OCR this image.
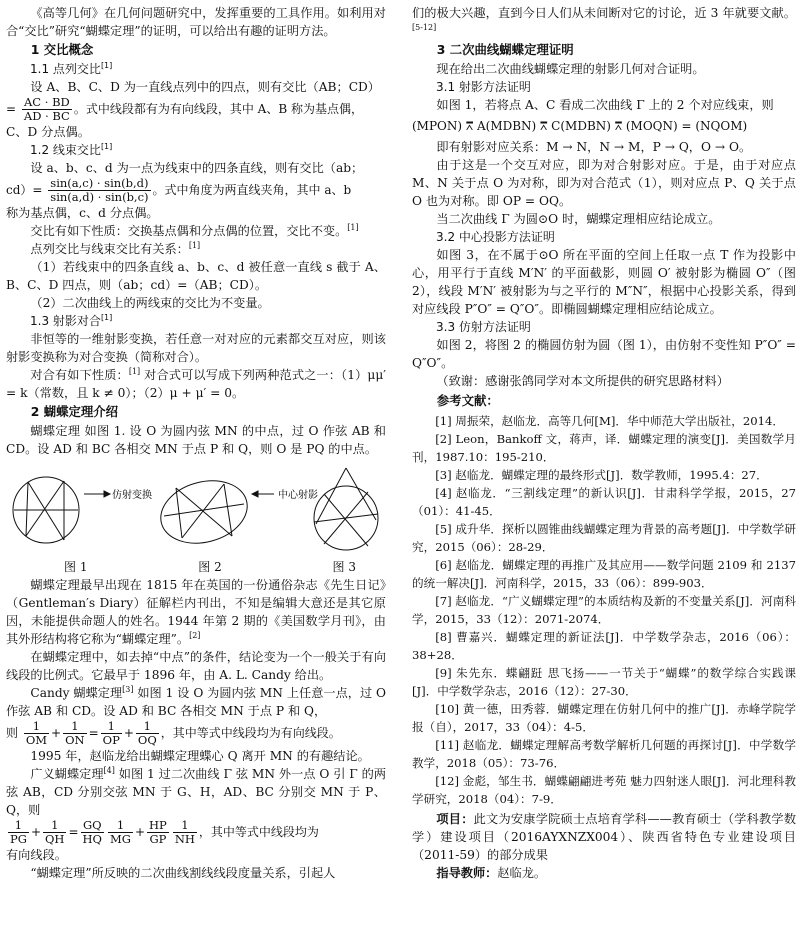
《高等几何》在几何问题研究中，发挥重要的工具作用。如利用对合“交比”研究“蝴蝶定理”的证明，可以给出有趣的证明方法。

1 交比概念
1.1 点列交比[1]

设 A、B、C、D 为一直线点列中的四点，则有交比（AB；CD）

= $\frac{AC \cdot BD}{AD \cdot BC}$ 。式中线段都有为有向线段，其中 A、B 称为基点偶，

C、D 分点偶。

1.2 线束交比[1]

设 a、b、c、d 为一点为线束中的四条直线，则有交比（ab；

$cd)= \frac{\sin(a,c) \cdot \sin(b,d)}{\sin(a,d) \cdot \sin(b,c)}$ 。式中角度为两直线夹角，其中 a、b

称为基点偶，c、d 分点偶。

交比有如下性质：交换基点偶和分点偶的位置，交比不变。[1]

点列交比与线束交比有关系：[1]

（1）若线束中的四条直线 a、b、c、d 被任意一直线 s 截于 A、B、C、D 四点，则（ab；cd）=（AB；CD）。

（2）二次曲线上的两线束的交比为不变量。

1.3 射影对合[1]

非恒等的一维射影变换，若任意一对对应的元素都交互对应，则该射影变换称为对合变换（简称对合）。

对合有如下性质：[1] 对合式可以写成下列两种范式之一：（1）μμ′ = k（常数，且 k ≠ 0）；（2）μ + μ′ = 0。

2 蝴蝶定理介绍

蝴蝶定理 如图 1. 设 O 为圆内弦 MN 的中点，过 O 作弦 AB 和 CD。设 AD 和 BC 各相交 MN 于点 P 和 Q，则 O 是 PQ 的中点。

仿射变换	中心射影
图 1	图 2	图 3

蝴蝶定理最早出现在 1815 年在英国的一份通俗杂志《先生日记》（Gentleman′s Diary）征解栏内刊出，不知是编辑大意还是其它原因，未能提供命题人的姓名。1944 年第 2 期的《美国数学月刊》，由其外形结构将它称为“蝴蝶定理”。[2]

在蝴蝶定理中，如去掉“中点”的条件，结论变为一个一般关于有向线段的比例式。它最早于 1896 年，由 A. L. Candy 给出。

Candy 蝴蝶定理[3] 如图 1 设 O 为圆内弦 MN 上任意一点，过 O 作弦 AB 和 CD。设 AD 和 BC 各相交 MN 于点 P 和 Q，

则 $\frac{1}{OM} + \frac{1}{ON} = \frac{1}{OP} + \frac{1}{OQ}$ ，其中等式中线段均为有向线段。

1995 年，赵临龙给出蝴蝶定理蝶心 Q 离开 MN 的有趣结论。

广义蝴蝶定理[4] 如图 1 过二次曲线 Γ 弦 MN 外一点 O 引 Γ 的两弦 AB，CD 分别交弦 MN 于 G、H，AD、BC 分别交 MN 于 P、Q，则

$\frac{1}{PG} + \frac{1}{QH} = \frac{GQ}{HQ} \frac{1}{MG} + \frac{HP}{GP} \frac{1}{NH}$ ，其中等式中线段均为

有向线段。

“蝴蝶定理”所反映的二次曲线割线线段度量关系，引起人

们的极大兴趣，直到今日人们从未间断对它的讨论，近 3 年就要文献。[5-12]

3 二次曲线蝴蝶定理证明

现在给出二次曲线蝴蝶定理的射影几何对合证明。

3.1 射影方法证明

如图 1，若将点 A、C 看成二次曲线 Γ 上的 2 个对应线束，则

(MPON) ⩞ A(MDBN) ⩞ C(MDBN) ⩞ (MOQN) = (NQOM)

即有射影对应关系：M → N，N → M，P → Q，O → O。

由于这是一个交互对应，即为对合射影对应。于是，由于对应点 M、N 关于点 O 为对称，即为对合范式（1），则对应点 P、Q 关于点 O 也为对称。即 OP = OQ。

当二次曲线 Γ 为圆⊙O 时，蝴蝶定理相应结论成立。

3.2 中心投影方法证明

如图 3，在不属于⊙O 所在平面的空间上任取一点 T 作为投影中心，用平行于直线 M′N′ 的平面截影，则圆 O′ 被射影为椭圆 O″（图 2），线段 M′N′ 被射影为与之平行的 M″N″，根据中心投影关系，得到对应线段 P″O″ = Q″O″。即椭圆蝴蝶定理相应结论成立。

3.3 仿射方法证明

如图 2，将图 2 的椭圆仿射为圆（图 1），由仿射不变性知 P″O″ = Q″O″。

（致谢：感谢张鸽同学对本文所提供的研究思路材料）

参考文献：

[1] 周振荣，赵临龙．高等几何[M]．华中师范大学出版社，2014．

[2] Leon，Bankoff 文，蒋声，译．蝴蝶定理的演变[J]．美国数学月刊，1987.10：195-210．

[3] 赵临龙．蝴蝶定理的最终形式[J]．数学教师，1995.4：27．

[4] 赵临龙．“三割线定理”的新认识[J]．甘肃科学学报，2015，27（01）：41-45．

[5] 成升华．探析以圆锥曲线蝴蝶定理为背景的高考题[J]．中学数学研究，2015（06）：28-29．

[6] 赵临龙．蝴蝶定理的再推广及其应用——数学问题 2109 和 2137 的统一解决[J]．河南科学，2015，33（06）：899-903．

[7] 赵临龙．“广义蝴蝶定理”的本质结构及新的不变量关系[J]．河南科学，2015，33（12）：2071-2074．

[8] 曹嘉兴．蝴蝶定理的新证法[J]．中学数学杂志，2016（06）：38+28．

[9] 朱先东．蝶翩跹 思飞扬——一节关于“蝴蝶”的数学综合实践课[J]．中学数学杂志，2016（12）：27-30．

[10] 黄一德，田秀蓉．蝴蝶定理在仿射几何中的推广[J]．赤峰学院学报（自），2017，33（04）：4-5．

[11] 赵临龙．蝴蝶定理解高考数学解析几何题的再探讨[J]．中学数学教学，2018（05）：73-76．

[12] 金彪，邹生书．蝴蝶翩翩进考苑 魅力四射迷人眼[J]．河北理科教学研究，2018（04）：7-9．

项目：此文为安康学院硕士点培育学科——教育硕士（学科教学数学）建设项目（2016AYXNZX004）、陕西省特色专业建设项目（2011-59）的部分成果

指导教师：赵临龙。
